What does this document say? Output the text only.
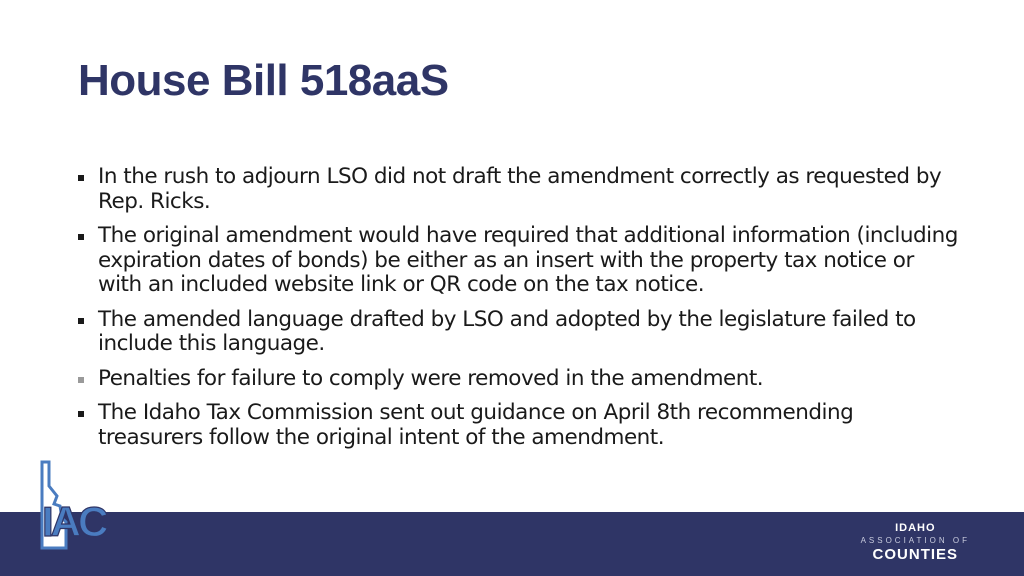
House Bill 518aaS
In the rush to adjourn LSO did not draft the amendment correctly as requested by Rep. Ricks.
The original amendment would have required that additional information (including expiration dates of bonds) be either as an insert with the property tax notice or with an included website link or QR code on the tax notice.
The amended language drafted by LSO and adopted by the legislature failed to include this language.
Penalties for failure to comply were removed in the amendment.
The Idaho Tax Commission sent out guidance on April 8th recommending treasurers follow the original intent of the amendment.
IAC	IDAHO
ASSOCIATION OF
COUNTIES
